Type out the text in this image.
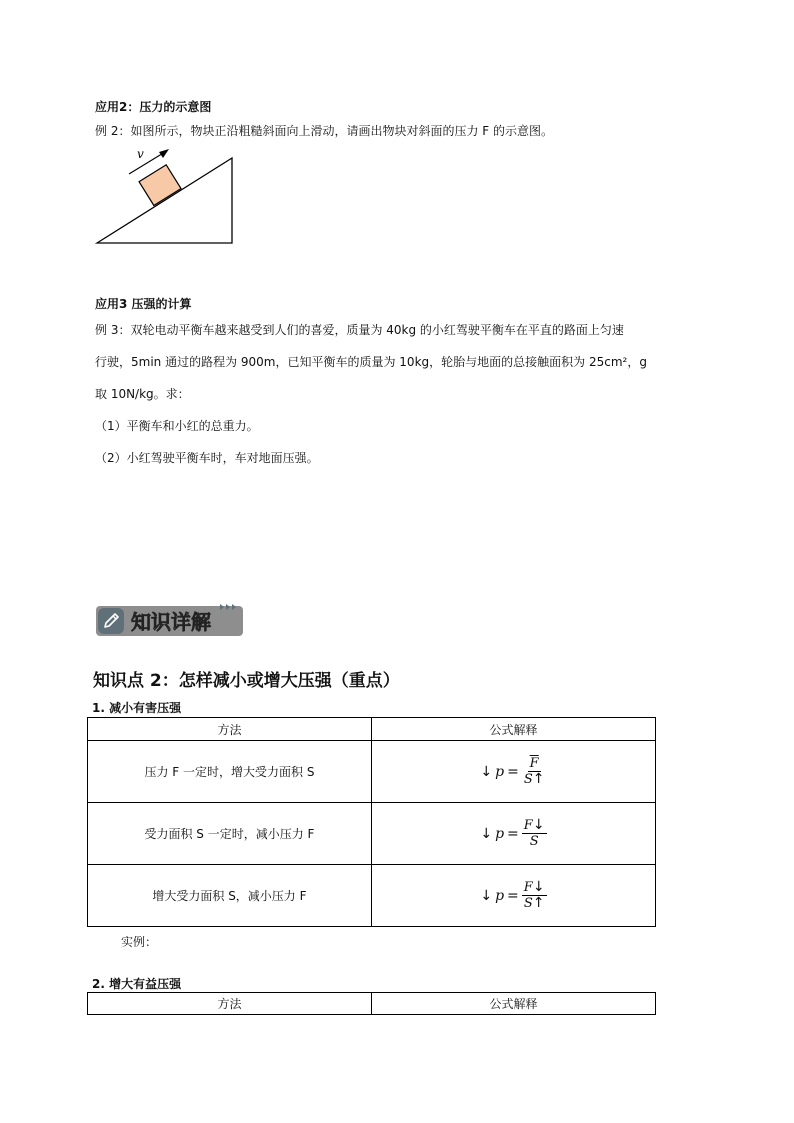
应用2：压力的示意图
例 2：如图所示，物块正沿粗糙斜面向上滑动，请画出物块对斜面的压力 F 的示意图。
v
应用3 压强的计算
例 3：双轮电动平衡车越来越受到人们的喜爱，质量为 40kg 的小红驾驶平衡车在平直的路面上匀速
行驶，5min 通过的路程为 900m，已知平衡车的质量为 10kg，轮胎与地面的总接触面积为 25cm²，g
取 10N/kg。求：
（1）平衡车和小红的总重力。
（2）小红驾驶平衡车时，车对地面压强。
知识详解
知识点 2：怎样减小或增大压强（重点）
1. 减小有害压强
方法	公式解释
压力 F 一定时，增大受力面积 S	↓ $p = \frac{\overline{F}}{S↑}$

受力面积 S 一定时，减小压力 F	↓ $p = \frac{F↓}{\overline{S}}$

增大受力面积 S，减小压力 F	↓ $p = \frac{F↓}{S↑}$
实例：
2. 增大有益压强
方法	公式解释
